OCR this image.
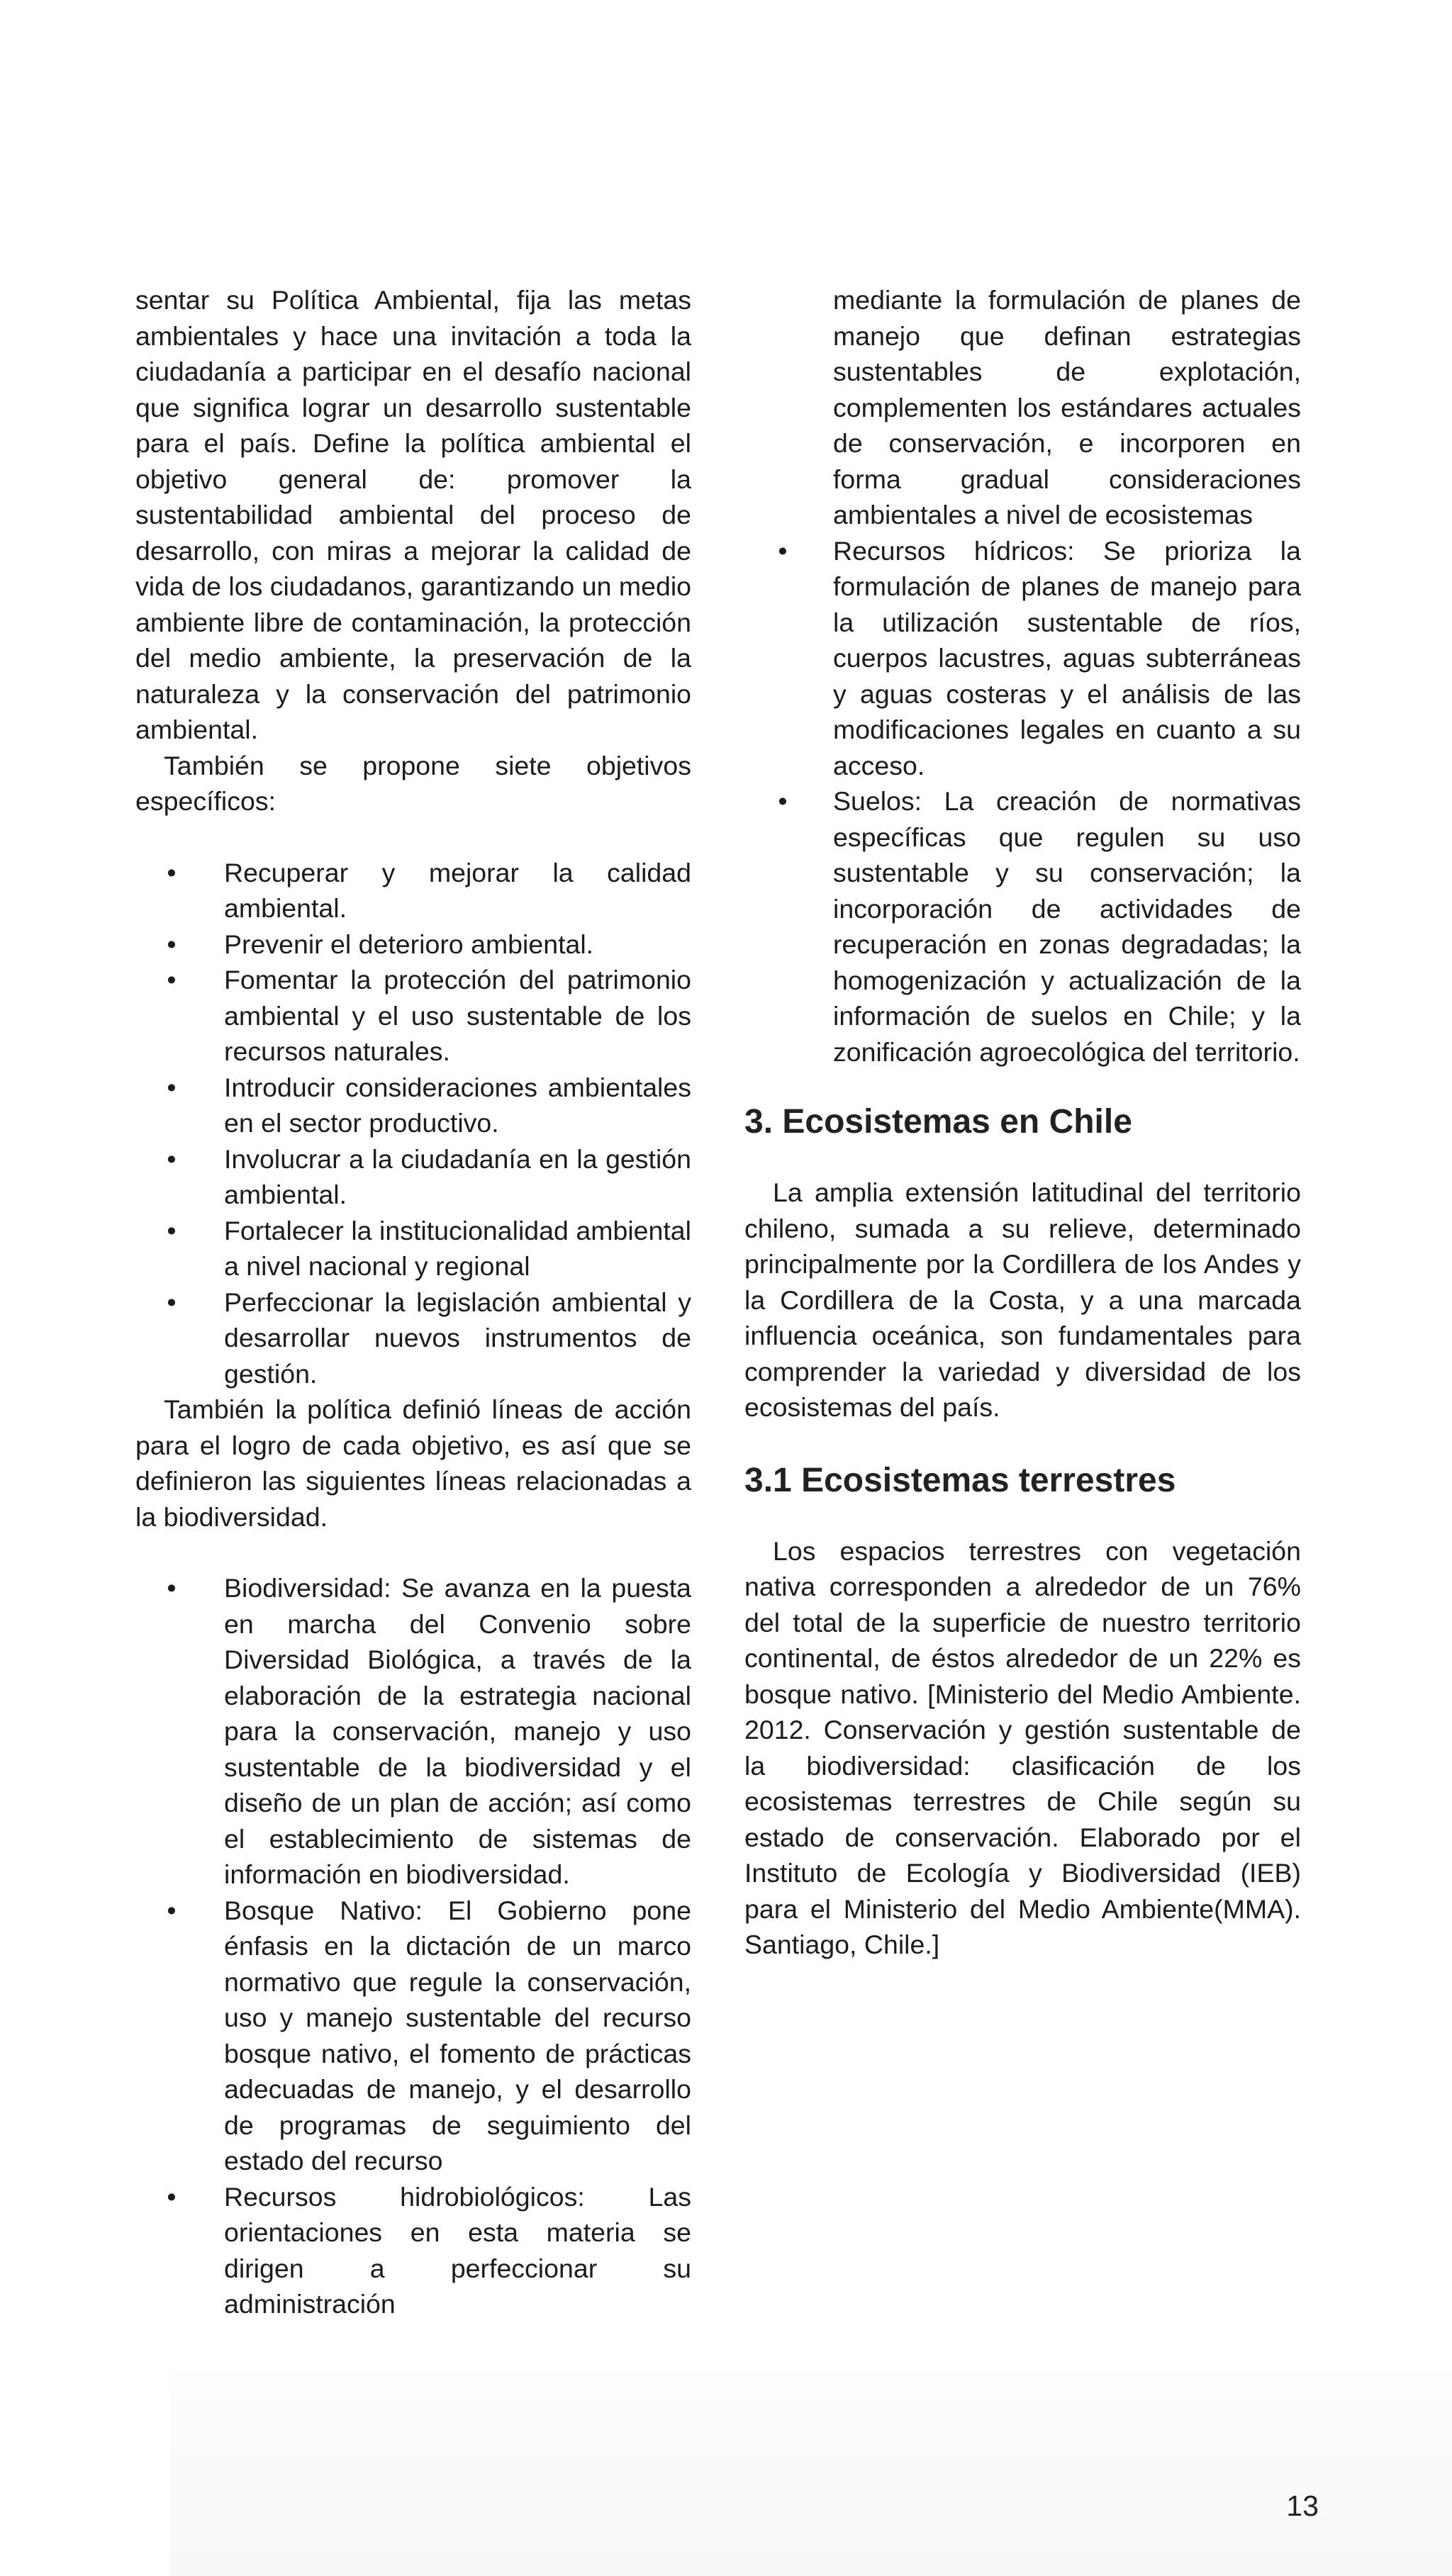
sentar su Política Ambiental, fija las metas ambientales y hace una invitación a toda la ciudadanía a participar en el desafío nacional que significa lograr un desarrollo sustentable para el país. Define la política ambiental el objetivo general de: promover la sustentabilidad ambiental del proceso de desarrollo, con miras a mejorar la calidad de vida de los ciudadanos, garantizando un medio ambiente libre de contaminación, la protección del medio ambiente, la preservación de la naturaleza y la conservación del patrimonio ambiental.

También se propone siete objetivos específicos:

• Recuperar y mejorar la calidad ambiental.
• Prevenir el deterioro ambiental.
• Fomentar la protección del patrimonio ambiental y el uso sustentable de los recursos naturales.
• Introducir consideraciones ambientales en el sector productivo.
• Involucrar a la ciudadanía en la gestión ambiental.
• Fortalecer la institucionalidad ambiental a nivel nacional y regional
• Perfeccionar la legislación ambiental y desarrollar nuevos instrumentos de gestión.

También la política definió líneas de acción para el logro de cada objetivo, es así que se definieron las siguientes líneas relacionadas a la biodiversidad.

• Biodiversidad: Se avanza en la puesta en marcha del Convenio sobre Diversidad Biológica, a través de la elaboración de la estrategia nacional para la conservación, manejo y uso sustentable de la biodiversidad y el diseño de un plan de acción; así como el establecimiento de sistemas de información en biodiversidad.
• Bosque Nativo: El Gobierno pone énfasis en la dictación de un marco normativo que regule la conservación, uso y manejo sustentable del recurso bosque nativo, el fomento de prácticas adecuadas de manejo, y el desarrollo de programas de seguimiento del estado del recurso
• Recursos hidrobiológicos: Las orientaciones en esta materia se dirigen a perfeccionar su administración

mediante la formulación de planes de manejo que definan estrategias sustentables de explotación, complementen los estándares actuales de conservación, e incorporen en forma gradual consideraciones ambientales a nivel de ecosistemas

• Recursos hídricos: Se prioriza la formulación de planes de manejo para la utilización sustentable de ríos, cuerpos lacustres, aguas subterráneas y aguas costeras y el análisis de las modificaciones legales en cuanto a su acceso.
• Suelos: La creación de normativas específicas que regulen su uso sustentable y su conservación; la incorporación de actividades de recuperación en zonas degradadas; la homogenización y actualización de la información de suelos en Chile; y la zonificación agroecológica del territorio.
3. Ecosistemas en Chile

La amplia extensión latitudinal del territorio chileno, sumada a su relieve, determinado principalmente por la Cordillera de los Andes y la Cordillera de la Costa, y a una marcada influencia oceánica, son fundamentales para comprender la variedad y diversidad de los ecosistemas del país.

3.1 Ecosistemas terrestres

Los espacios terrestres con vegetación nativa corresponden a alrededor de un 76% del total de la superficie de nuestro territorio continental, de éstos alrededor de un 22% es bosque nativo. [Ministerio del Medio Ambiente. 2012. Conservación y gestión sustentable de la biodiversidad: clasificación de los ecosistemas terrestres de Chile según su estado de conservación. Elaborado por el Instituto de Ecología y Biodiversidad (IEB) para el Ministerio del Medio Ambiente(MMA). Santiago, Chile.]

13
